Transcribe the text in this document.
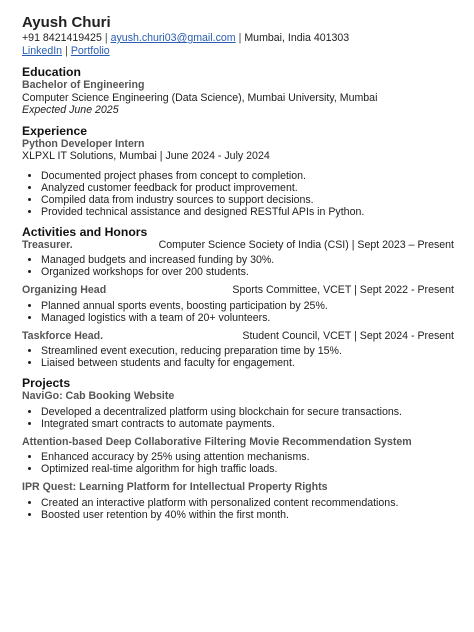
Ayush Churi
+91 8421419425 | ayush.churi03@gmail.com | Mumbai, India 401303
LinkedIn | Portfolio
Education
Bachelor of Engineering
Computer Science Engineering (Data Science), Mumbai University, Mumbai
Expected June 2025
Experience
Python Developer Intern
XLPXL IT Solutions, Mumbai | June 2024 - July 2024
• Documented project phases from concept to completion.
• Analyzed customer feedback for product improvement.
• Compiled data from industry sources to support decisions.
• Provided technical assistance and designed RESTful APIs in Python.
Activities and Honors
Treasurer.	Computer Science Society of India (CSI) | Sept 2023 – Present
• Managed budgets and increased funding by 30%.
• Organized workshops for over 200 students.
Organizing Head	Sports Committee, VCET | Sept 2022 - Present
• Planned annual sports events, boosting participation by 25%.
• Managed logistics with a team of 20+ volunteers.
Taskforce Head.	Student Council, VCET | Sept 2024 - Present
• Streamlined event execution, reducing preparation time by 15%.
• Liaised between students and faculty for engagement.
Projects
NaviGo: Cab Booking Website
• Developed a decentralized platform using blockchain for secure transactions.
• Integrated smart contracts to automate payments.
Attention-based Deep Collaborative Filtering Movie Recommendation System
• Enhanced accuracy by 25% using attention mechanisms.
• Optimized real-time algorithm for high traffic loads.
IPR Quest: Learning Platform for Intellectual Property Rights
• Created an interactive platform with personalized content recommendations.
• Boosted user retention by 40% within the first month.
